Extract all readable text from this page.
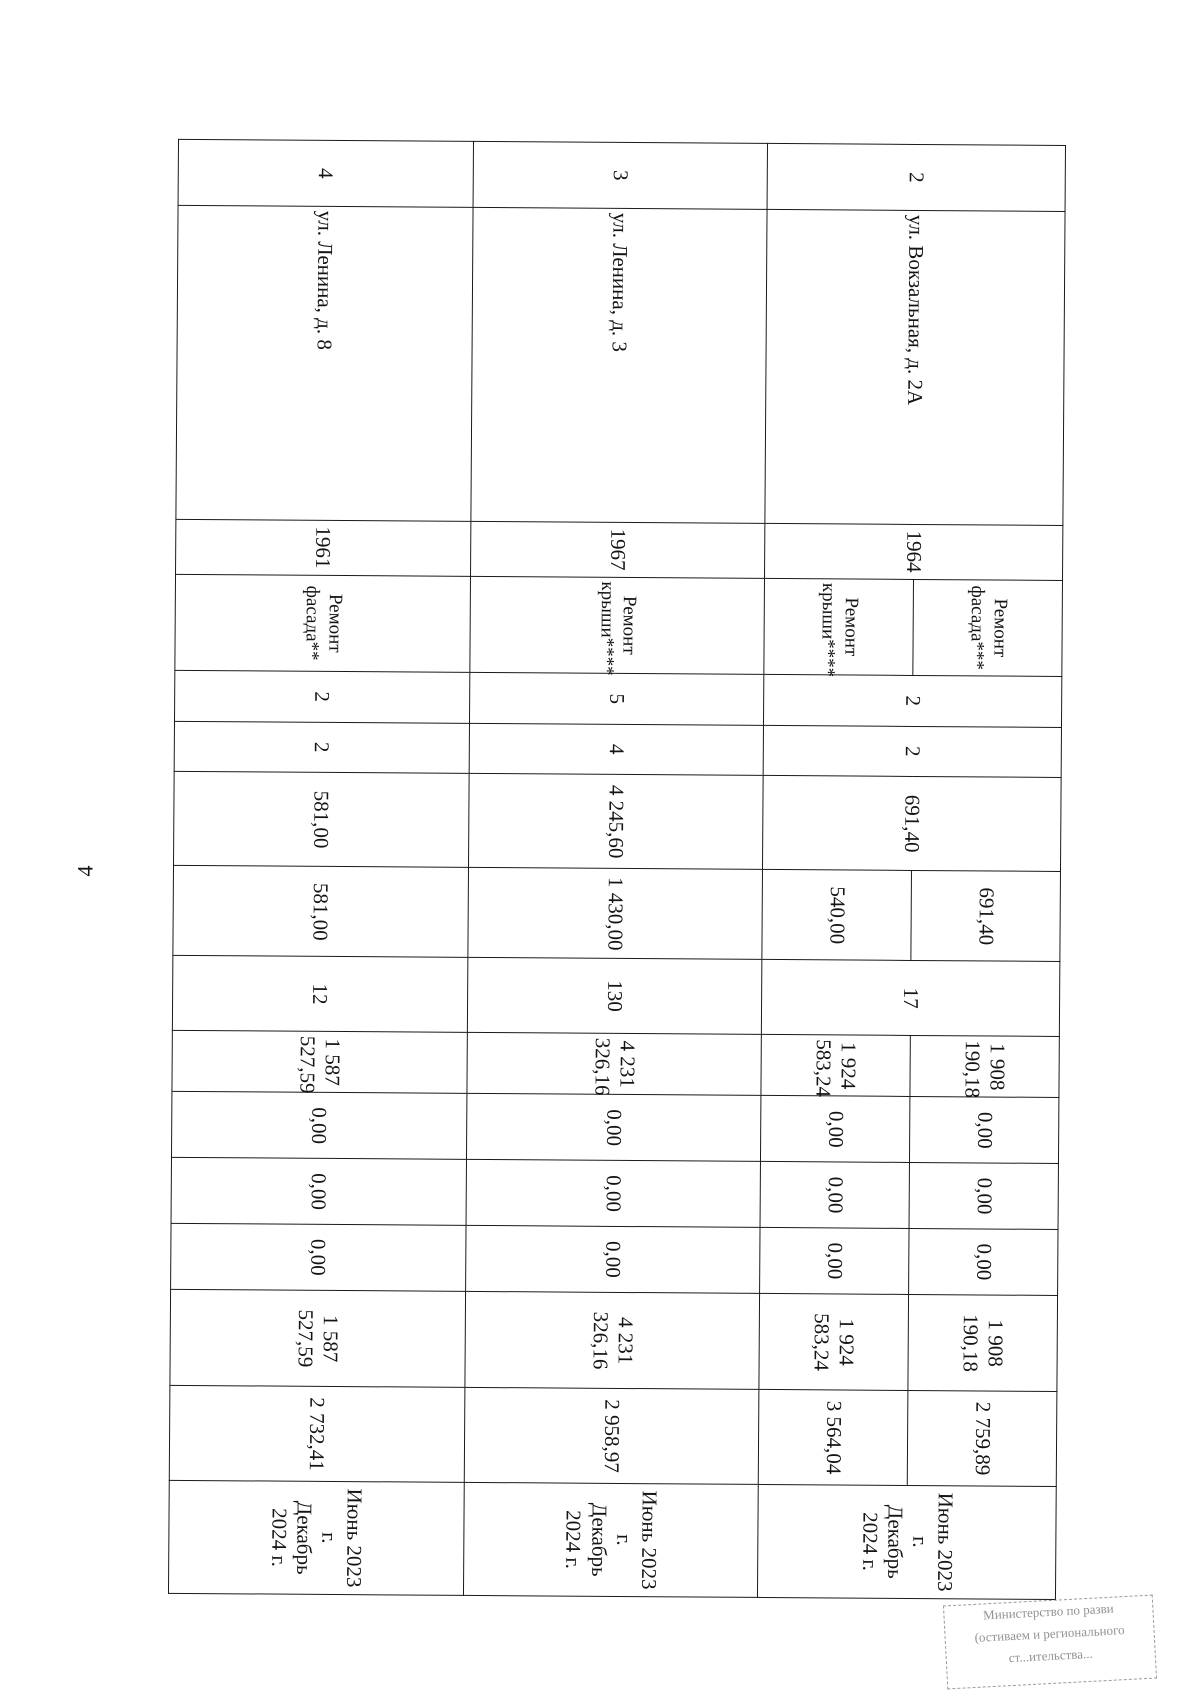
4
2	ул. Вокзальная, д. 2А	1964	Ремонт фасада***	2	2	691,40	691,40	17	1 908 190,18	0,00	0,00	0,00	1 908 190,18	2 759,89	Июнь 2023 г.
Декабрь 2024 г.

			Ремонт крыши****				540,00		1 924 583,24	0,00	0,00	0,00	1 924 583,24	3 564,04	
3	ул. Ленина, д. 3	1967	Ремонт крыши****	5	4	4 245,60	1 430,00	130	4 231 326,16	0,00	0,00	0,00	4 231 326,16	2 958,97	Июнь 2023 г.
Декабрь 2024 г.

4	ул. Ленина, д. 8	1961	Ремонт фасада**	2	2	581,00	581,00	12	1 587 527,59	0,00	0,00	0,00	1 587 527,59	2 732,41	Июнь 2023 г.
Декабрь 2024 г.
Министерство по разви
(остиваем и регионального
ст...ительства...
